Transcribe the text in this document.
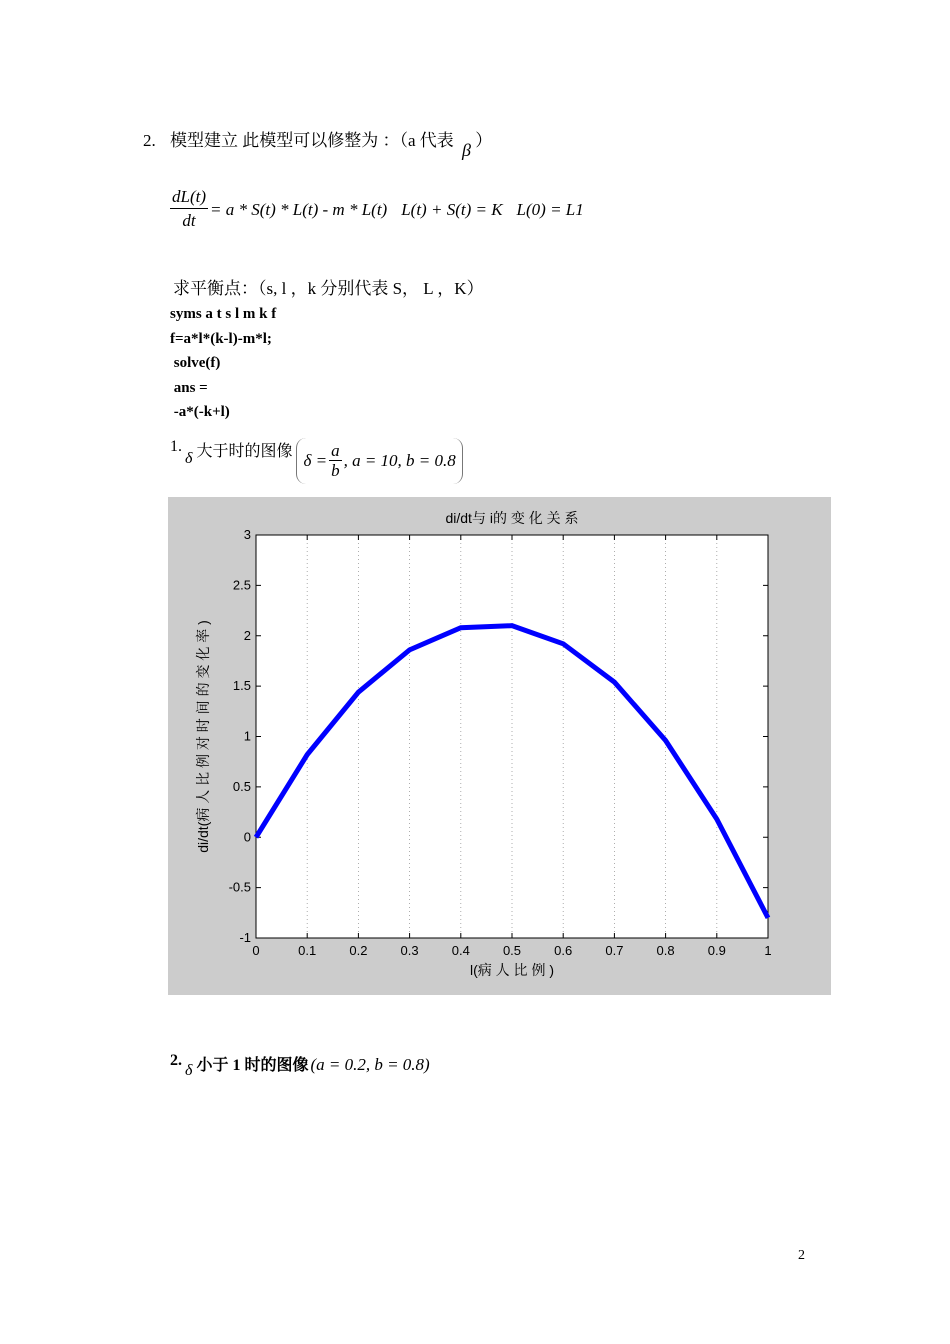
2. 模型建立 此模型可以修整为 ：（a 代表 β ）
$\frac{dL(t)}{dt} = a * S(t) * L(t) - m * L(t) L(t) + S(t) = K$ L(0) = L1
求平衡点：（s, l ，k 分别代表 S， L ，K）
syms a t s l m k f
f=a*l*(k-l)-m*l;
solve(f)
ans =
-a*(-k+l)
1.
δ 大于时的图像 $\delta = \frac{a}{b}$ , a = 10, b = 0.8
0	0.1	0.2	0.3	0.4	0.5	0.6	0.7	0.8	0.9	1
3
2.5
2
1.5
1
0.5
0
-0.5
-1
di/dt与 i的 变 化 关 系
l(病 人 比 例 )
di/dt(病 人 比 例 对 时 间 的 变 化 率 )
2.
δ 小于 1 时的图像 (a = 0.2, b = 0.8)
2
